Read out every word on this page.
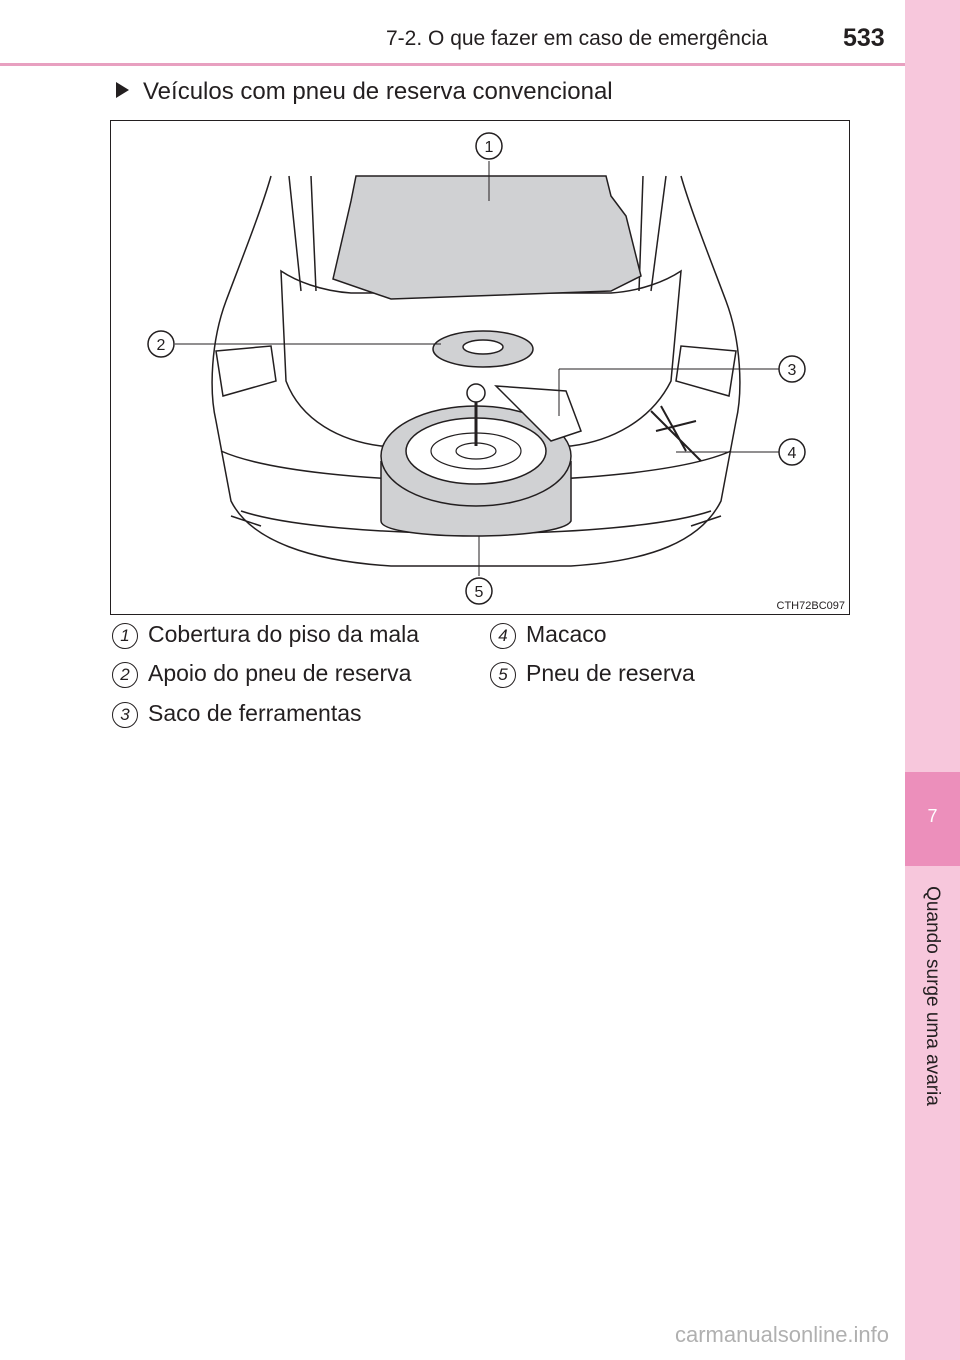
7-2. O que fazer em caso de emergência	533
7
Quando surge uma avaria
Veículos com pneu de reserva convencional
1
2
3
4
5
CTH72BC097
1 Cobertura do piso da mala
2 Apoio do pneu de reserva
3 Saco de ferramentas
4 Macaco
5 Pneu de reserva
carmanualsonline.info
